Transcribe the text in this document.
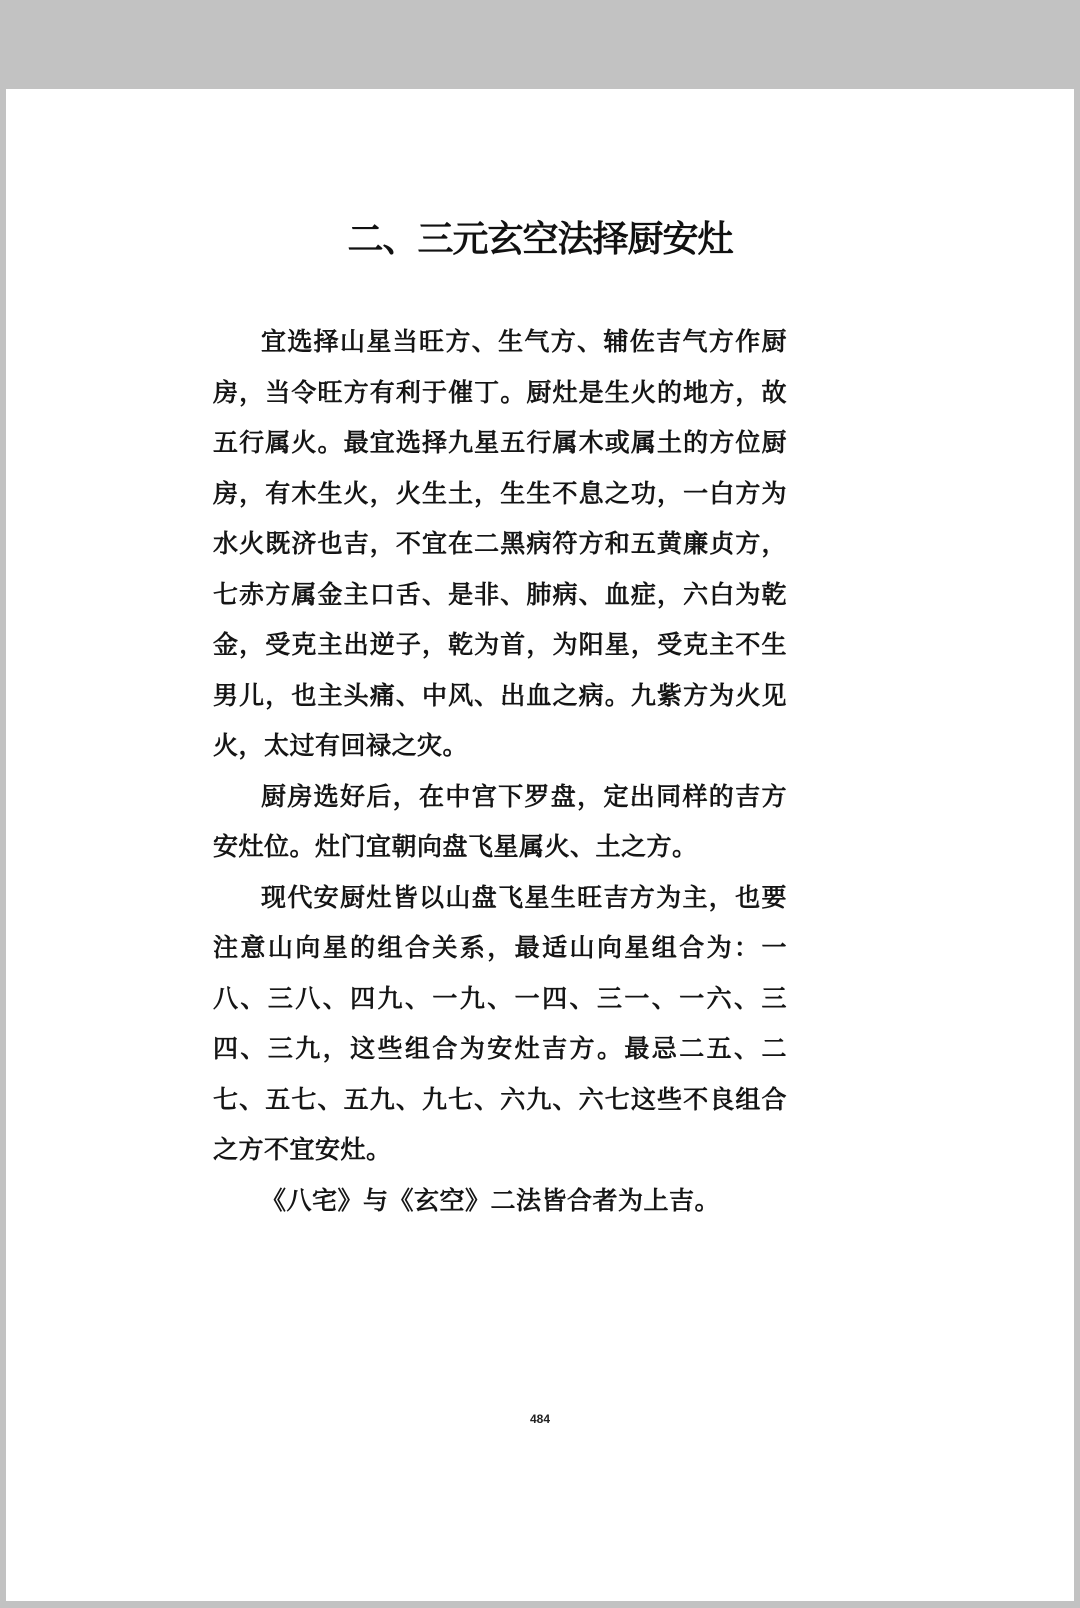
二、三元玄空法择厨安灶

宜选择山星当旺方、生气方、辅佐吉气方作厨房，当令旺方有利于催丁。厨灶是生火的地方，故五行属火。最宜选择九星五行属木或属土的方位厨房，有木生火，火生土，生生不息之功，一白方为水火既济也吉，不宜在二黑病符方和五黄廉贞方，七赤方属金主口舌、是非、肺病、血症，六白为乾金，受克主出逆子，乾为首，为阳星，受克主不生男儿，也主头痛、中风、出血之病。九紫方为火见火，太过有回禄之灾。

厨房选好后，在中宫下罗盘，定出同样的吉方安灶位。灶门宜朝向盘飞星属火、土之方。

现代安厨灶皆以山盘飞星生旺吉方为主，也要注意山向星的组合关系，最适山向星组合为：一八、三八、四九、一九、一四、三一、一六、三四、三九，这些组合为安灶吉方。最忌二五、二七、五七、五九、九七、六九、六七这些不良组合之方不宜安灶。

《八宅》与《玄空》二法皆合者为上吉。

484
